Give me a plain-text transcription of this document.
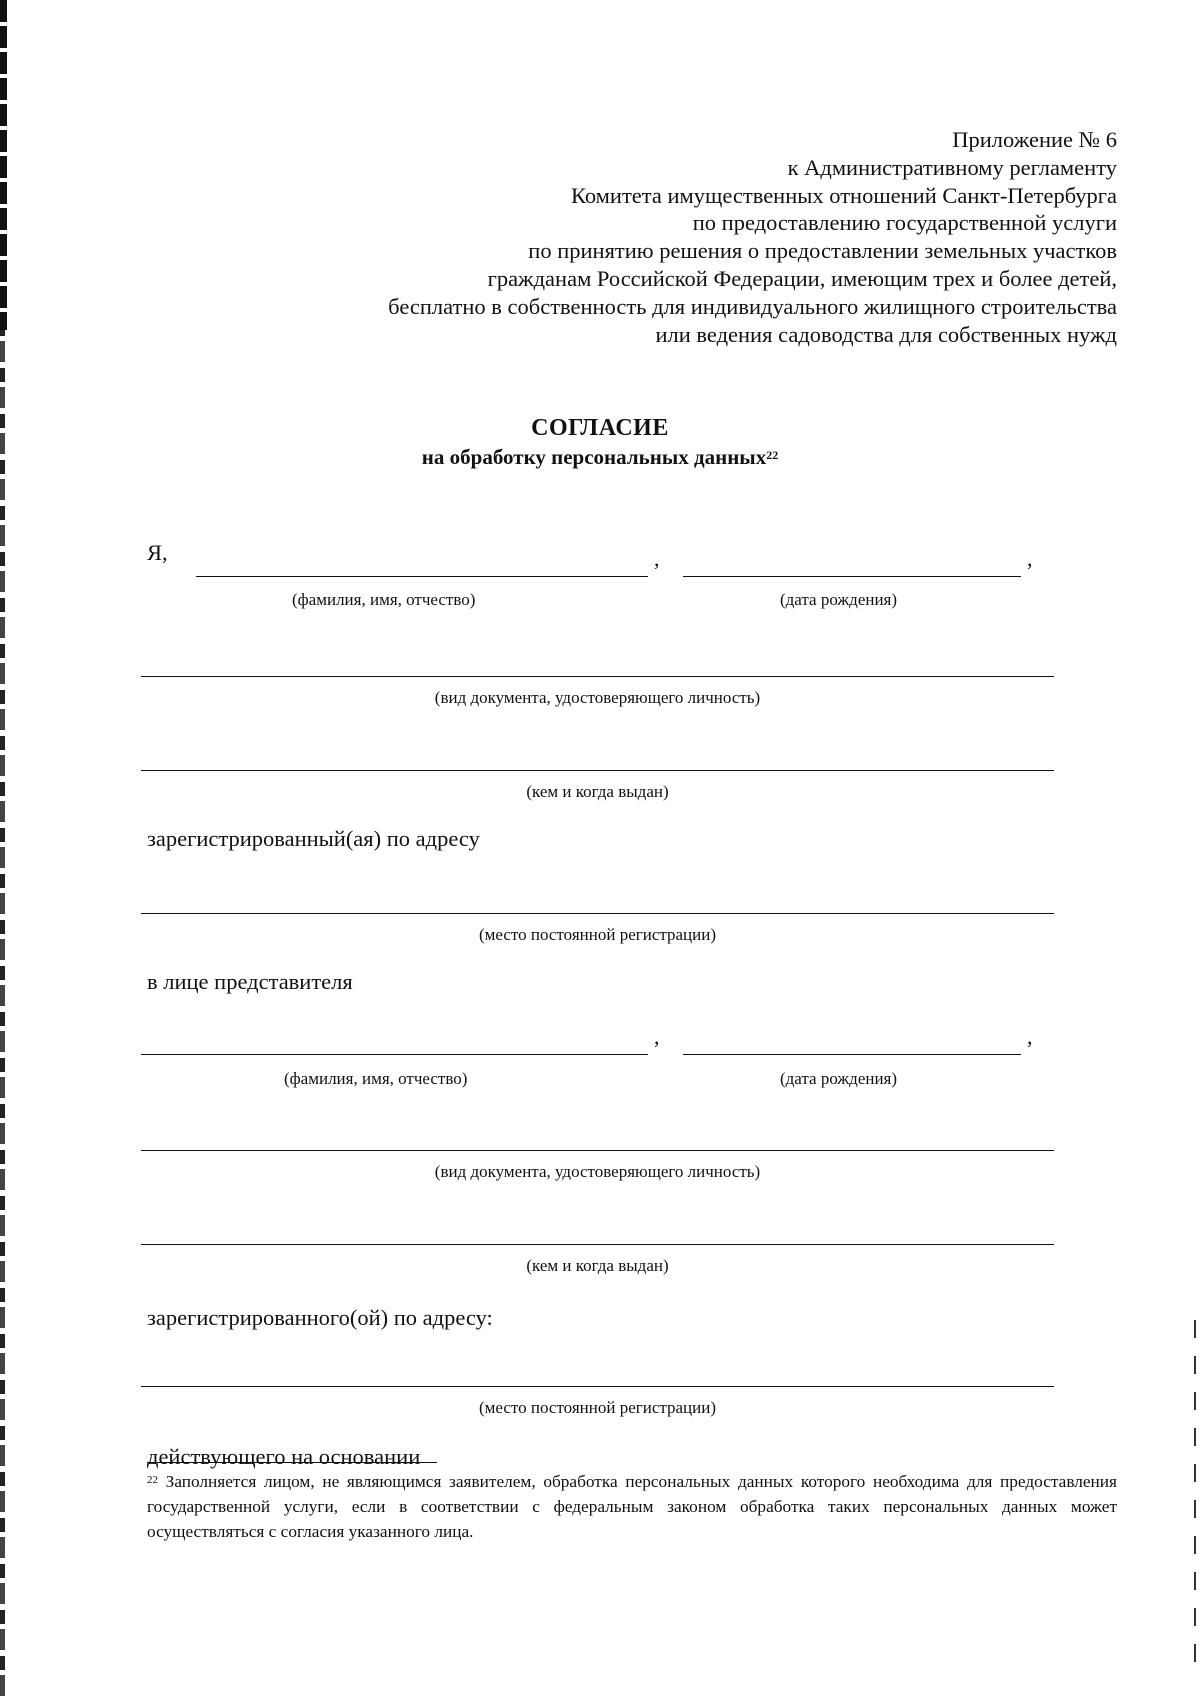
Приложение № 6
к Административному регламенту
Комитета имущественных отношений Санкт-Петербурга
по предоставлению государственной услуги
по принятию решения о предоставлении земельных участков
гражданам Российской Федерации, имеющим трех и более детей,
бесплатно в собственность для индивидуального жилищного строительства
или ведения садоводства для собственных нужд
СОГЛАСИЕ
на обработку персональных данных$^{22}$
Я,	,	,
(фамилия, имя, отчество)	(дата рождения)
(вид документа, удостоверяющего личность)
(кем и когда выдан)
зарегистрированный(ая) по адресу
(место постоянной регистрации)
в лице представителя
,	,
(фамилия, имя, отчество)	(дата рождения)
(вид документа, удостоверяющего личность)
(кем и когда выдан)
зарегистрированного(ой) по адресу:
(место постоянной регистрации)
действующего на основании
$^{22}$ Заполняется лицом, не являющимся заявителем, обработка персональных данных которого необходима для предоставления государственной услуги, если в соответствии с федеральным законом обработка таких персональных данных может осуществляться с согласия указанного лица.
